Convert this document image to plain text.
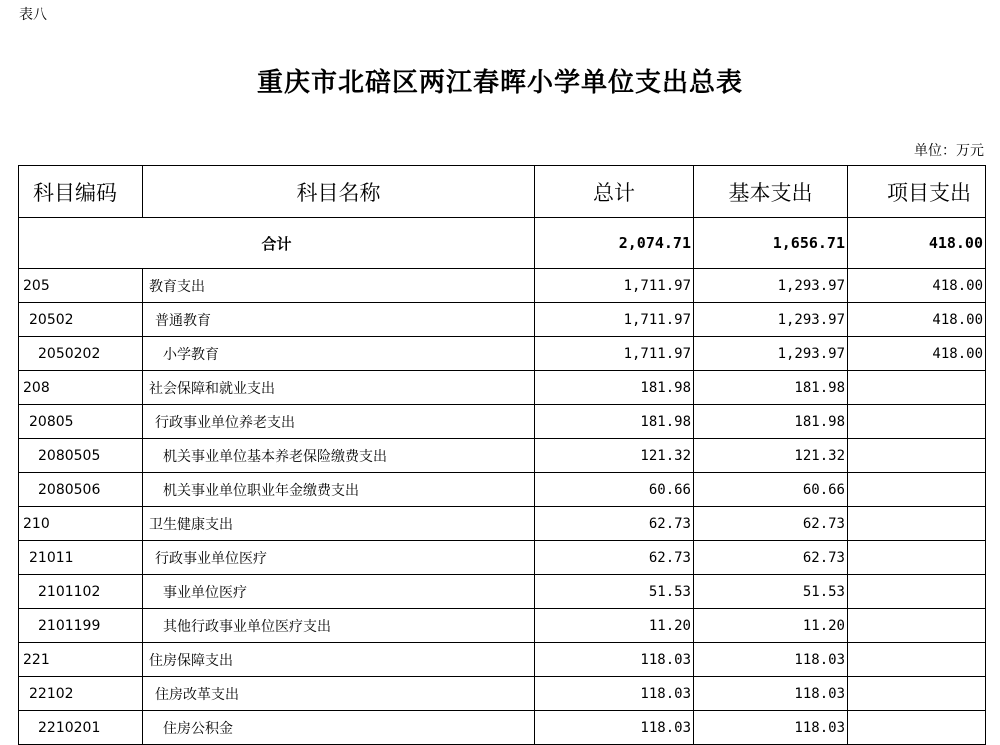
表八
重庆市北碚区两江春晖小学单位支出总表
单位：万元
科目编码	科目名称	总计	基本支出	项目支出
合计		2,074.71	1,656.71	418.00
205	教育支出	1,711.97	1,293.97	418.00
20502	普通教育	1,711.97	1,293.97	418.00
2050202	小学教育	1,711.97	1,293.97	418.00
208	社会保障和就业支出	181.98	181.98	
20805	行政事业单位养老支出	181.98	181.98	
2080505	机关事业单位基本养老保险缴费支出	121.32	121.32	
2080506	机关事业单位职业年金缴费支出	60.66	60.66	
210	卫生健康支出	62.73	62.73	
21011	行政事业单位医疗	62.73	62.73	
2101102	事业单位医疗	51.53	51.53	
2101199	其他行政事业单位医疗支出	11.20	11.20	
221	住房保障支出	118.03	118.03	
22102	住房改革支出	118.03	118.03	
2210201	住房公积金	118.03	118.03	
